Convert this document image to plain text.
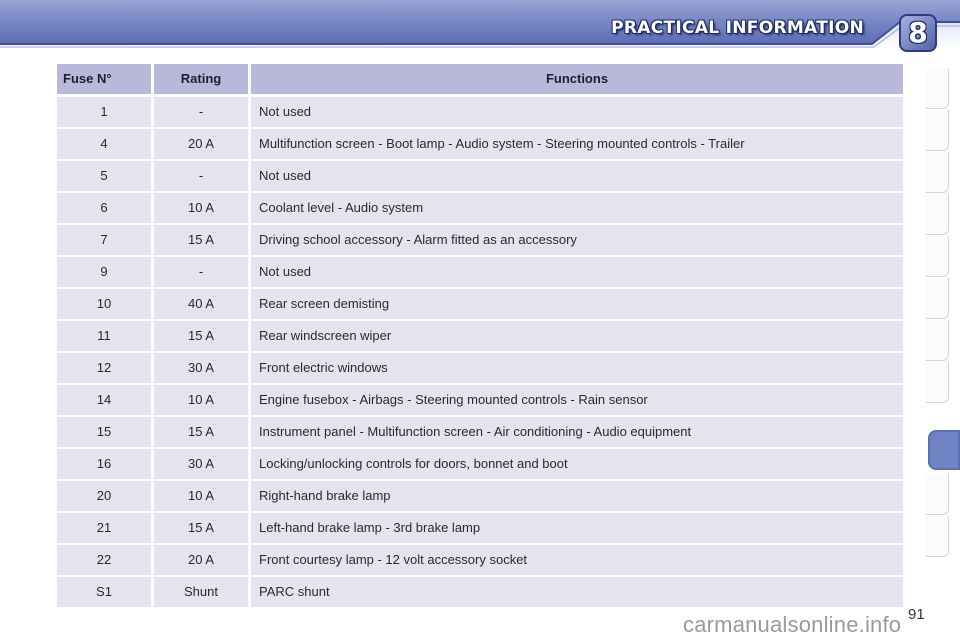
PRACTICAL INFORMATION	8
Fuse N°	Rating	Functions
1	-	Not used
4	20 A	Multifunction screen - Boot lamp - Audio system - Steering mounted controls - Trailer
5	-	Not used
6	10 A	Coolant level - Audio system
7	15 A	Driving school accessory - Alarm fitted as an accessory
9	-	Not used
10	40 A	Rear screen demisting
11	15 A	Rear windscreen wiper
12	30 A	Front electric windows
14	10 A	Engine fusebox - Airbags - Steering mounted controls - Rain sensor
15	15 A	Instrument panel - Multifunction screen - Air conditioning - Audio equipment
16	30 A	Locking/unlocking controls for doors, bonnet and boot
20	10 A	Right-hand brake lamp
21	15 A	Left-hand brake lamp - 3rd brake lamp
22	20 A	Front courtesy lamp - 12 volt accessory socket
S1	Shunt	PARC shunt
91
carmanualsonline.info
